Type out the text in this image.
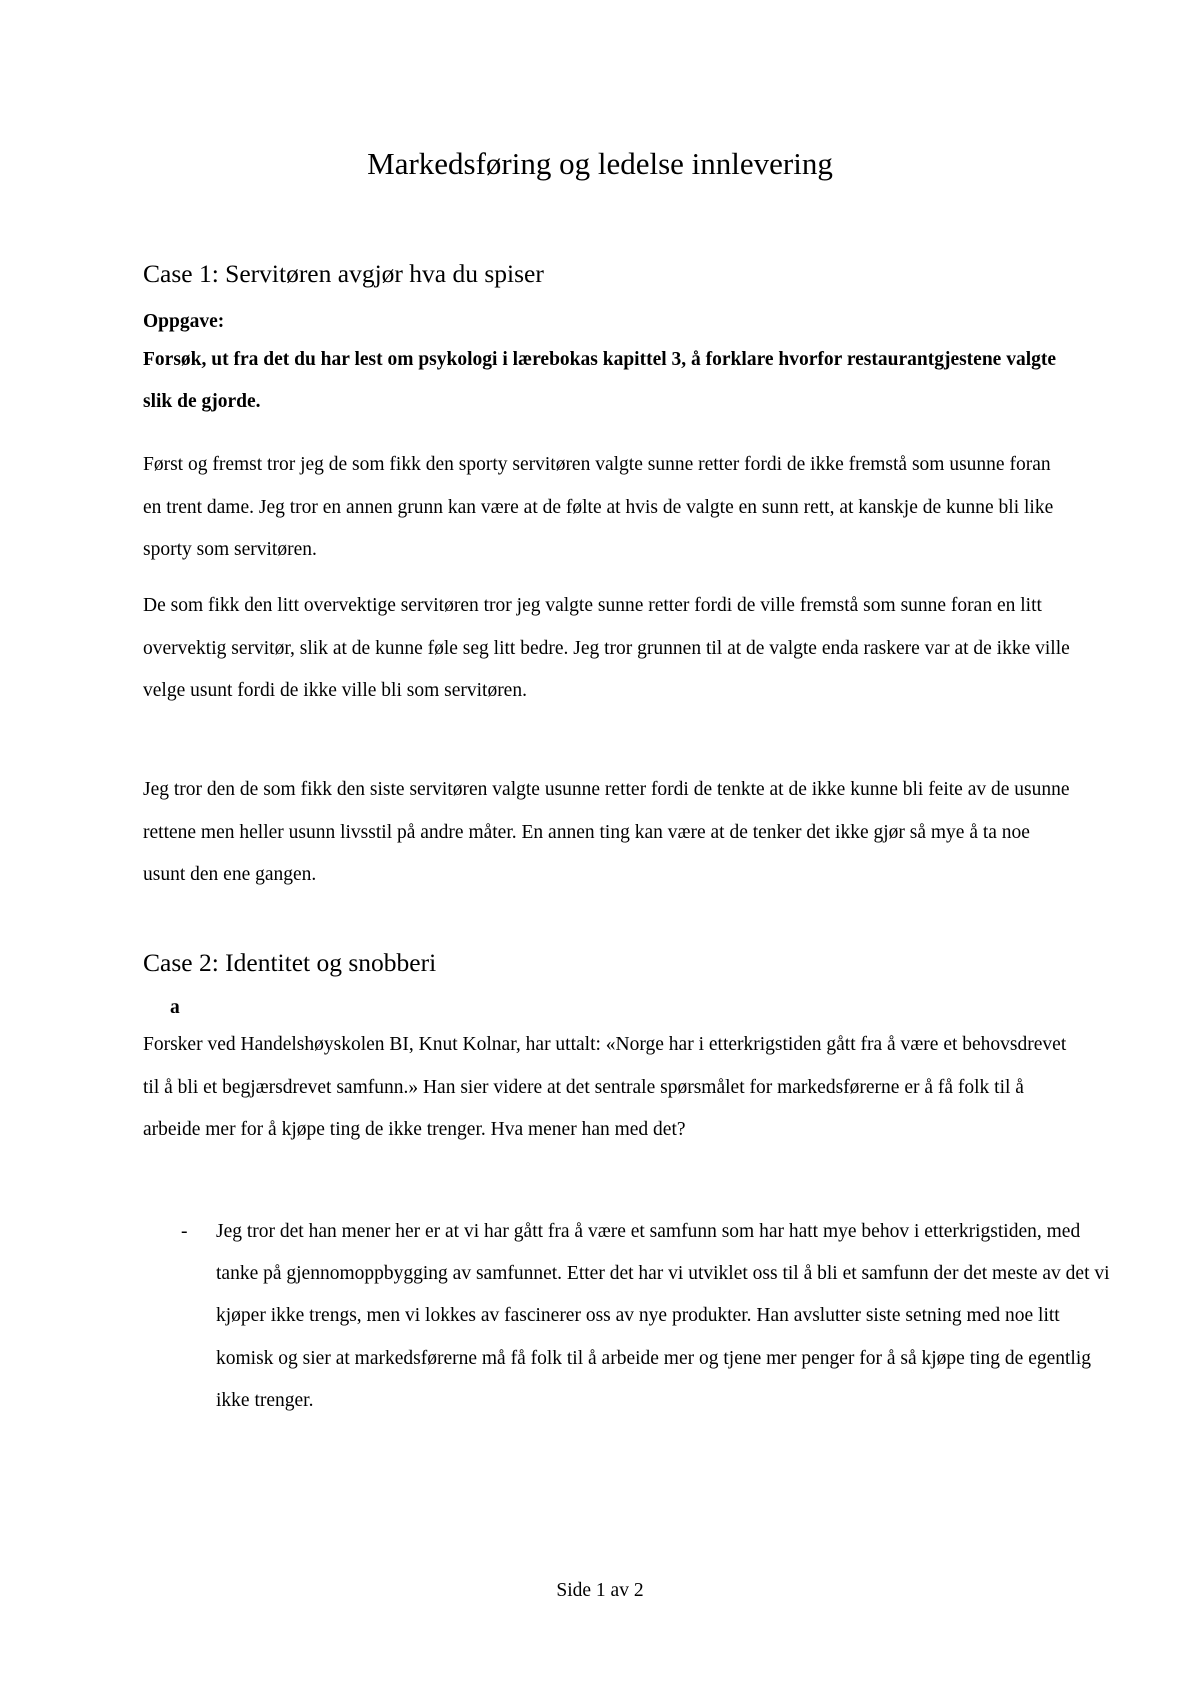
Markedsføring og ledelse innlevering
Case 1: Servitøren avgjør hva du spiser

Oppgave:

Forsøk, ut fra det du har lest om psykologi i lærebokas kapittel 3, å forklare hvorfor restaurantgjestene valgte slik de gjorde.

Først og fremst tror jeg de som fikk den sporty servitøren valgte sunne retter fordi de ikke fremstå som usunne foran en trent dame. Jeg tror en annen grunn kan være at de følte at hvis de valgte en sunn rett, at kanskje de kunne bli like sporty som servitøren.

De som fikk den litt overvektige servitøren tror jeg valgte sunne retter fordi de ville fremstå som sunne foran en litt overvektig servitør, slik at de kunne føle seg litt bedre. Jeg tror grunnen til at de valgte enda raskere var at de ikke ville velge usunt fordi de ikke ville bli som servitøren.

Jeg tror den de som fikk den siste servitøren valgte usunne retter fordi de tenkte at de ikke kunne bli feite av de usunne rettene men heller usunn livsstil på andre måter. En annen ting kan være at de tenker det ikke gjør så mye å ta noe usunt den ene gangen.

Case 2: Identitet og snobberi

a

Forsker ved Handelshøyskolen BI, Knut Kolnar, har uttalt: «Norge har i etterkrigstiden gått fra å være et behovsdrevet til å bli et begjærsdrevet samfunn.» Han sier videre at det sentrale spørsmålet for markedsførerne er å få folk til å arbeide mer for å kjøpe ting de ikke trenger. Hva mener han med det?

- Jeg tror det han mener her er at vi har gått fra å være et samfunn som har hatt mye behov i etterkrigstiden, med tanke på gjennomoppbygging av samfunnet. Etter det har vi utviklet oss til å bli et samfunn der det meste av det vi kjøper ikke trengs, men vi lokkes av fascinerer oss av nye produkter. Han avslutter siste setning med noe litt komisk og sier at markedsførerne må få folk til å arbeide mer og tjene mer penger for å så kjøpe ting de egentlig ikke trenger.

Side 1 av 2
